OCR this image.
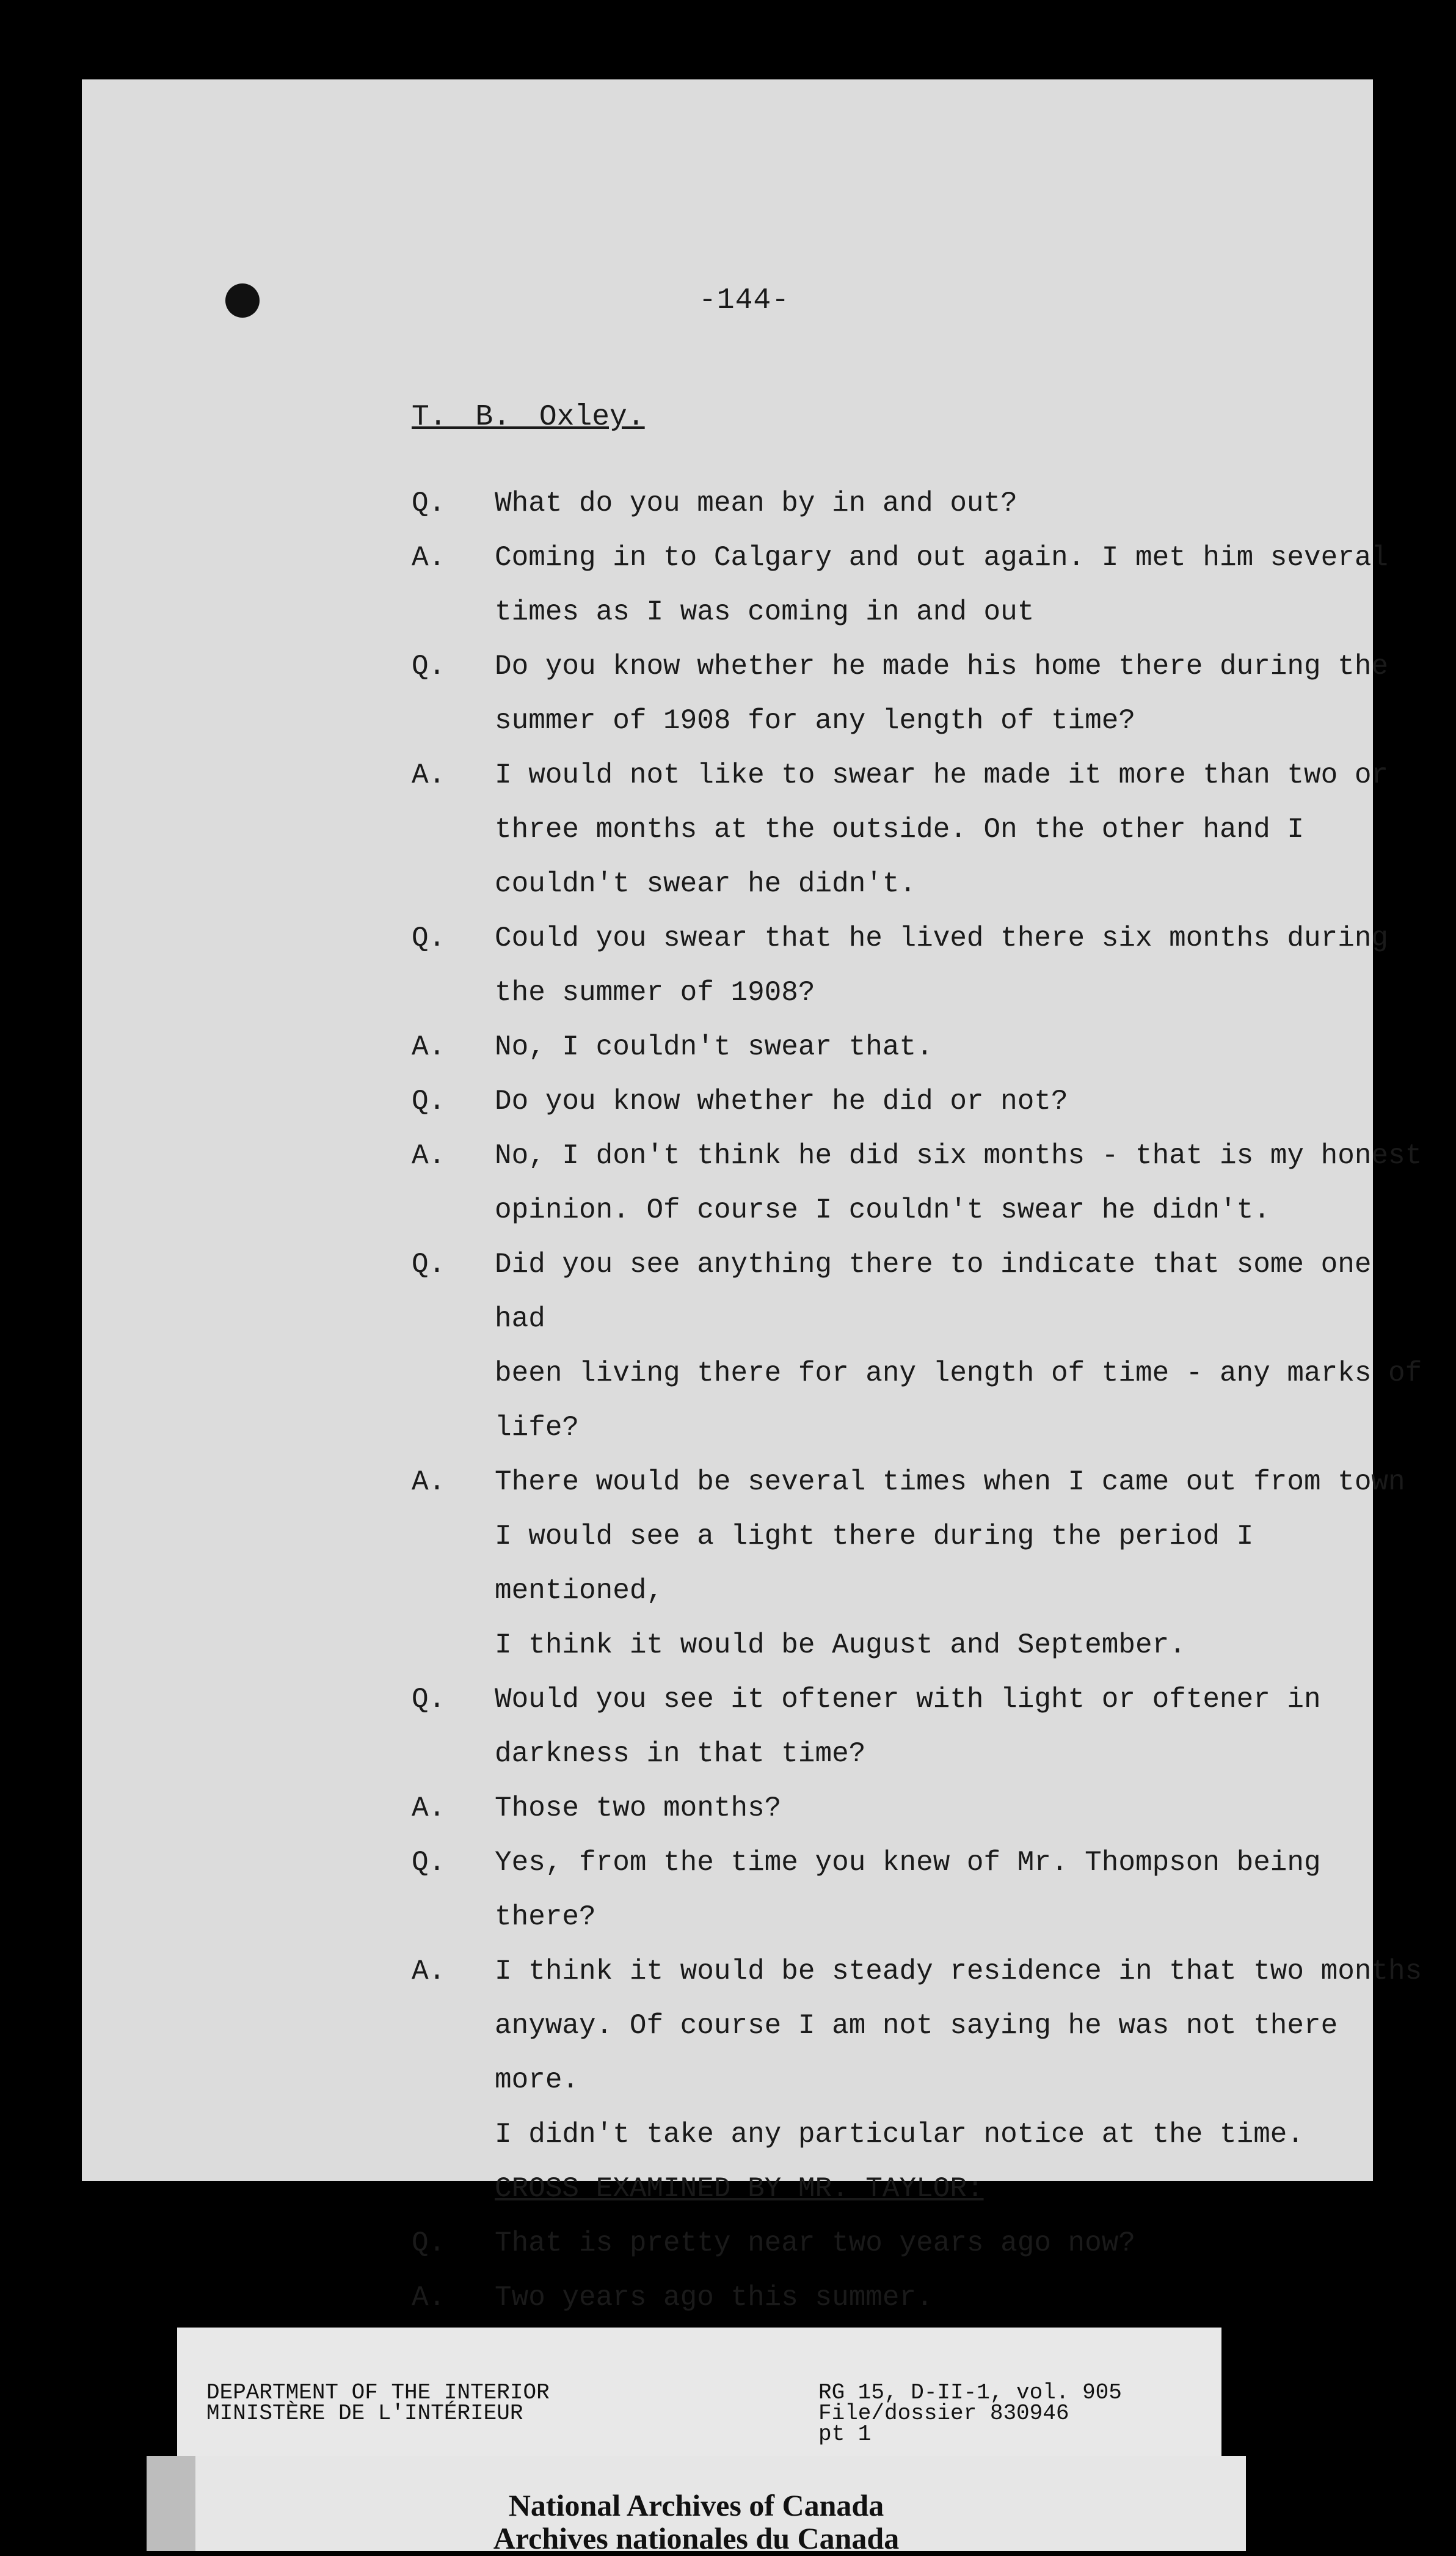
-144-
T. B. Oxley.
Q.	What do you mean by in and out?
A.	Coming in to Calgary and out again. I met him several
times as I was coming in and out
Q.	Do you know whether he made his home there during the
summer of 1908 for any length of time?
A.	I would not like to swear he made it more than two or
three months at the outside. On the other hand I
couldn't swear he didn't.
Q.	Could you swear that he lived there six months during
the summer of 1908?
A.	No, I couldn't swear that.
Q.	Do you know whether he did or not?
A.	No, I don't think he did six months - that is my honest
opinion. Of course I couldn't swear he didn't.
Q.	Did you see anything there to indicate that some one had
been living there for any length of time - any marks of
life?
A.	There would be several times when I came out from town
I would see a light there during the period I mentioned,
I think it would be August and September.
Q.	Would you see it oftener with light or oftener in
darkness in that time?
A.	Those two months?
Q.	Yes, from the time you knew of Mr. Thompson being there?
A.	I think it would be steady residence in that two months
anyway. Of course I am not saying he was not there more.
I didn't take any particular notice at the time.
CROSS EXAMINED BY MR. TAYLOR:
Q.	That is pretty near two years ago now?
A.	Two years ago this summer.
DEPARTMENT OF THE INTERIOR
MINISTÈRE DE L'INTÉRIEUR
RG 15, D-II-1, vol. 905
File/dossier 830946
pt 1
National Archives of Canada
Archives nationales du Canada
